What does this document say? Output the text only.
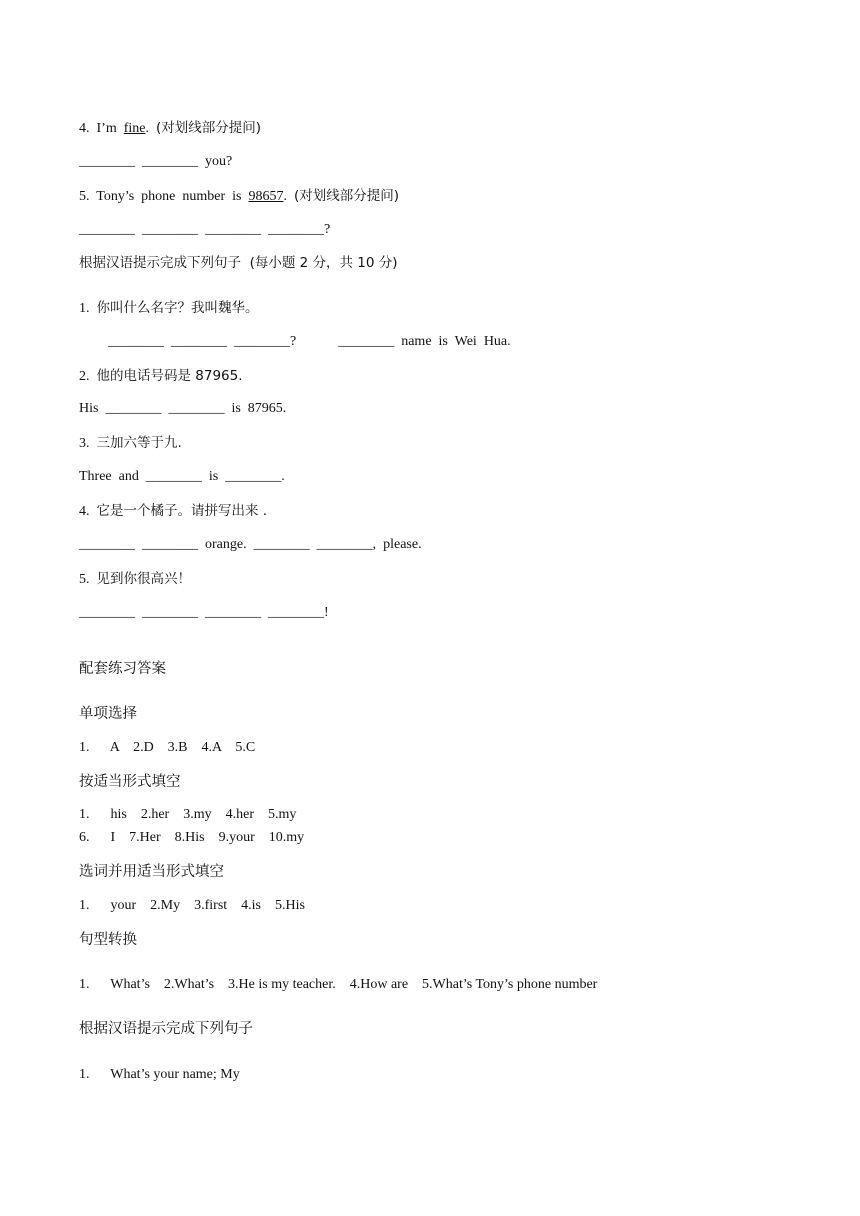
4.  I’m  fine.  (对划线部分提问)
________  ________  you?
5.  Tony’s  phone  number  is  98657.  (对划线部分提问)
________  ________  ________  ________?
根据汉语提示完成下列句子  (每小题 2 分，共 10 分)
1.  你叫什么名字？我叫魏华。
________  ________  ________?            ________  name  is  Wei  Hua.
2.  他的电话号码是 87965.
His  ________  ________  is  87965.
3.  三加六等于九.
Three  and  ________  is  ________.
4.  它是一个橘子。请拼写出来 .
________  ________  orange.  ________  ________,  please.
5.  见到你很高兴！
________  ________  ________  ________!
配套练习答案
单项选择
1.      A    2.D    3.B    4.A    5.C
按适当形式填空
1.      his    2.her    3.my    4.her    5.my
6.      I    7.Her    8.His    9.your    10.my
选词并用适当形式填空
1.      your    2.My    3.first    4.is    5.His
句型转换
1.      What’s    2.What’s    3.He is my teacher.    4.How are    5.What’s Tony’s phone number
根据汉语提示完成下列句子
1.      What’s your name; My
